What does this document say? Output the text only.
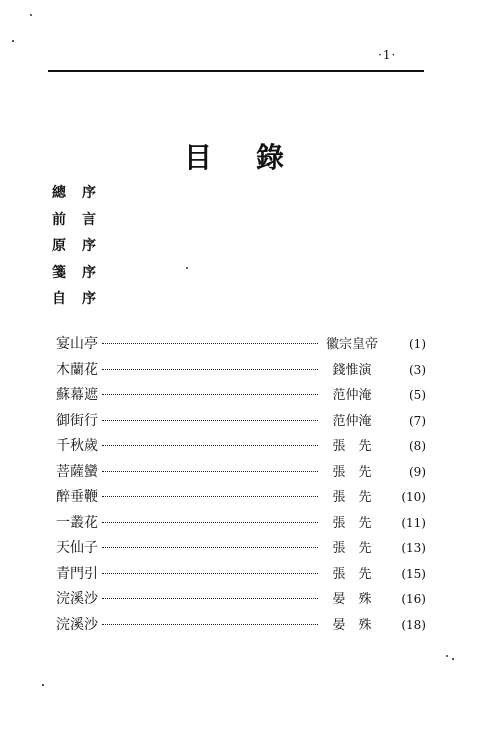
·1·
目 錄
總 序
前 言
原 序
箋 序
自 序
宴山亭	徽宗皇帝	(1)
木蘭花	錢惟演	(3)
蘇幕遮	范仲淹	(5)
御街行	范仲淹	(7)
千秋歲	張　先	(8)
菩薩蠻	張　先	(9)
醉垂鞭	張　先	(10)
一叢花	張　先	(11)
天仙子	張　先	(13)
青門引	張　先	(15)
浣溪沙	晏　殊	(16)
浣溪沙	晏　殊	(18)
